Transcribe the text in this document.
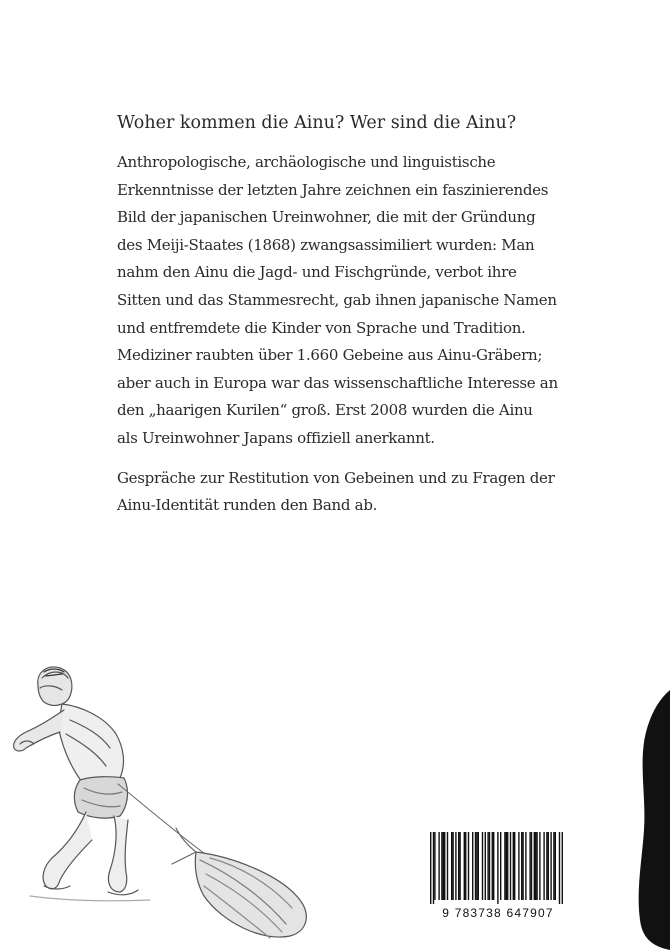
Woher kommen die Ainu? Wer sind die Ainu?

Anthropologische, archäologische und linguistische
Erkenntnisse der letzten Jahre zeichnen ein faszinierendes
Bild der japanischen Ureinwohner, die mit der Gründung
des Meiji-Staates (1868) zwangsassimiliert wurden: Man
nahm den Ainu die Jagd- und Fischgründe, verbot ihre
Sitten und das Stammesrecht, gab ihnen japanische Namen
und entfremdete die Kinder von Sprache und Tradition.
Mediziner raubten über 1.660 Gebeine aus Ainu-Gräbern;
aber auch in Europa war das wissenschaftliche Interesse an
den „haarigen Kurilen“ groß. Erst 2008 wurden die Ainu
als Ureinwohner Japans offiziell anerkannt.

Gespräche zur Restitution von Gebeinen und zu Fragen der
Ainu-Identität runden den Band ab.

9 783738 647907
